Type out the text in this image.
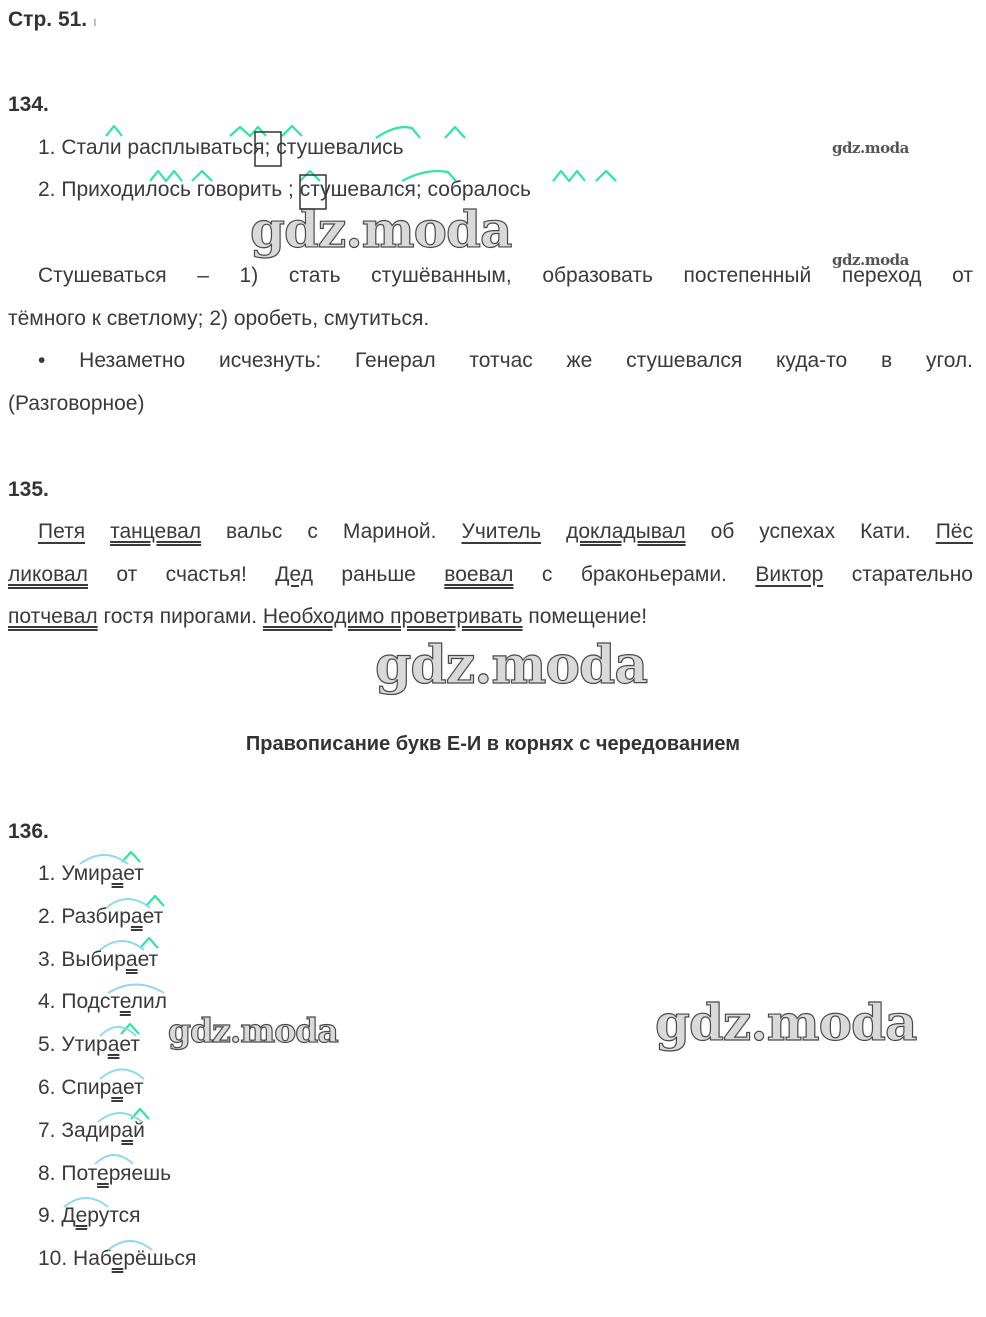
Стр. 51. ı
134.
1. Стали расплываться; стушевались
2. Приходилось говорить ; стушевался; собралось
Стушеваться – 1) стать стушёванным, образовать постепенный переход от
тёмного к светлому; 2) оробеть, смутиться.
• Незаметно исчезнуть: Генерал тотчас же стушевался куда-то в угол.
(Разговорное)
135.
Петя танцевал вальс с Мариной. Учитель докладывал об успехах Кати. Пёс
ликовал от счастья! Дед раньше воевал с браконьерами. Виктор старательно
потчевал гостя пирогами. Необходимо проветривать помещение!
Правописание букв Е-И в корнях с чередованием
136.
1. Умирает
2. Разбирает
3. Выбирает
4. Подстелил
5. Утирает
6. Спирает
7. Задирай
8. Потеряешь
9. Дерутся
10. Наберёшься
gdz.moda
gdz.moda
gdz.moda
gdz.moda
gdz.moda
gdz.moda
